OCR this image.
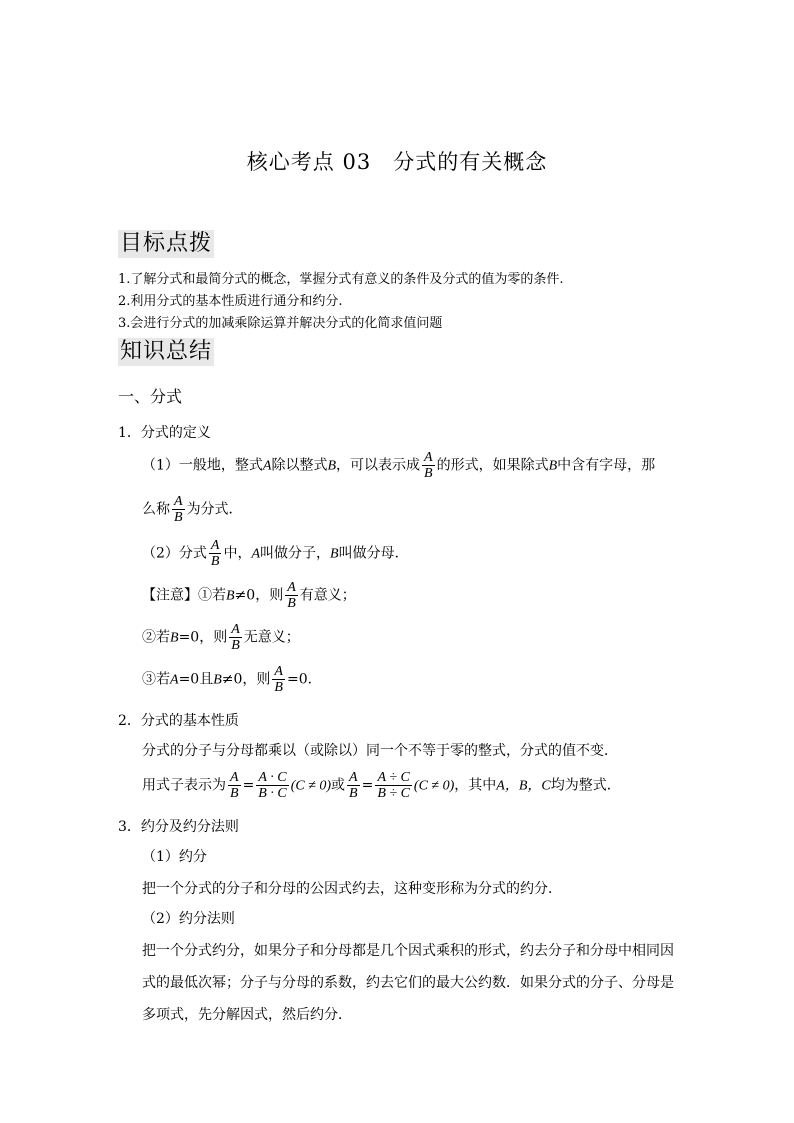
核心考点 03 分式的有关概念
目标点拨
1.了解分式和最简分式的概念，掌握分式有意义的条件及分式的值为零的条件.
2.利用分式的基本性质进行通分和约分.
3.会进行分式的加减乘除运算并解决分式的化简求值问题
知识总结
一、分式
1．分式的定义
（1）一般地，整式A除以整式B，可以表示成 $\frac{A}{B}$ 的形式，如果除式B中含有字母，那
么称 $\frac{A}{B}$ 为分式．
（2）分式 $\frac{A}{B}$ 中，A叫做分子，B叫做分母．
【注意】①若B≠0，则 $\frac{A}{B}$ 有意义；
②若B=0，则 $\frac{A}{B}$ 无意义；
③若A=0且B≠0，则 $\frac{A}{B} =0$．
2．分式的基本性质
分式的分子与分母都乘以（或除以）同一个不等于零的整式，分式的值不变．
用式子表示为 $\frac{A}{B} = \frac{A \cdot C}{B \cdot C} (C \ne 0)$或 $\frac{A}{B} = \frac{A \div C}{B \div C} (C \ne 0)$，其中A，B，C均为整式．
3．约分及约分法则
（1）约分
把一个分式的分子和分母的公因式约去，这种变形称为分式的约分．
（2）约分法则
把一个分式约分，如果分子和分母都是几个因式乘积的形式，约去分子和分母中相同因
式的最低次幂；分子与分母的系数，约去它们的最大公约数．如果分式的分子、分母是
多项式，先分解因式，然后约分．
